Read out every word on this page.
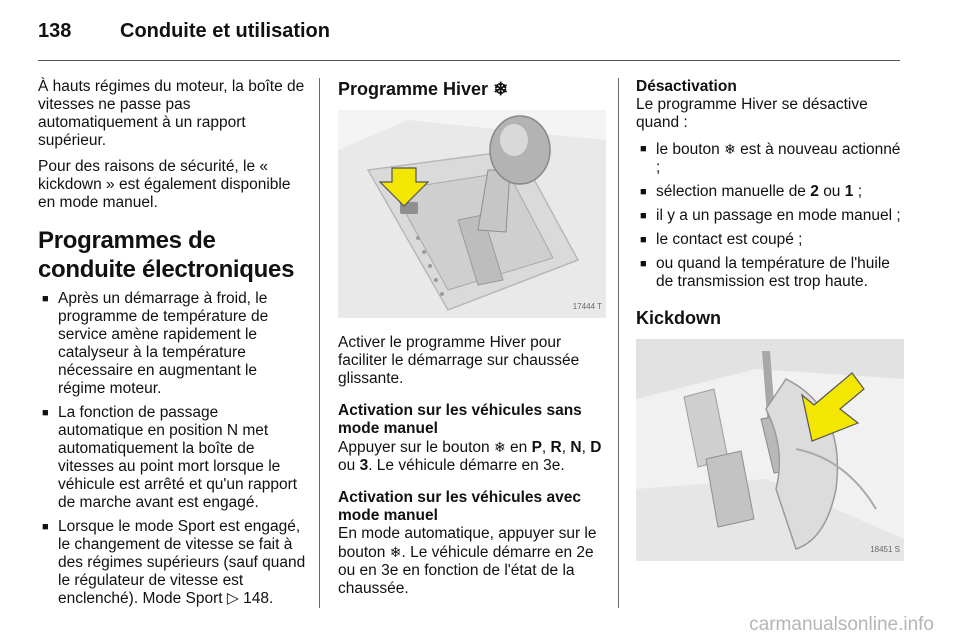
138	Conduite et utilisation

À hauts régimes du moteur, la boîte de vitesses ne passe pas automatiquement à un rapport supérieur.

Pour des raisons de sécurité, le « kickdown » est également disponible en mode manuel.

Programmes de conduite électroniques
■ Après un démarrage à froid, le programme de température de service amène rapidement le catalyseur à la température nécessaire en augmentant le régime moteur.
■ La fonction de passage automatique en position N met automatiquement la boîte de vitesses au point mort lorsque le véhicule est arrêté et qu'un rapport de marche avant est engagé.
■ Lorsque le mode Sport est engagé, le changement de vitesse se fait à des régimes supérieurs (sauf quand le régulateur de vitesse est enclenché). Mode Sport ▷ 148.
Programme Hiver ❄
17444 T

Activer le programme Hiver pour faciliter le démarrage sur chaussée glissante.

Activation sur les véhicules sans mode manuel

Appuyer sur le bouton ❄ en P, R, N, D ou 3. Le véhicule démarre en 3e.

Activation sur les véhicules avec mode manuel

En mode automatique, appuyer sur le bouton ❄. Le véhicule démarre en 2e ou en 3e en fonction de l'état de la chaussée.

Désactivation

Le programme Hiver se désactive quand :

■ le bouton ❄ est à nouveau actionné ;
■ sélection manuelle de 2 ou 1 ;
■ il y a un passage en mode manuel ;
■ le contact est coupé ;
■ ou quand la température de l'huile de transmission est trop haute.
Kickdown
18451 S
carmanualsonline.info
